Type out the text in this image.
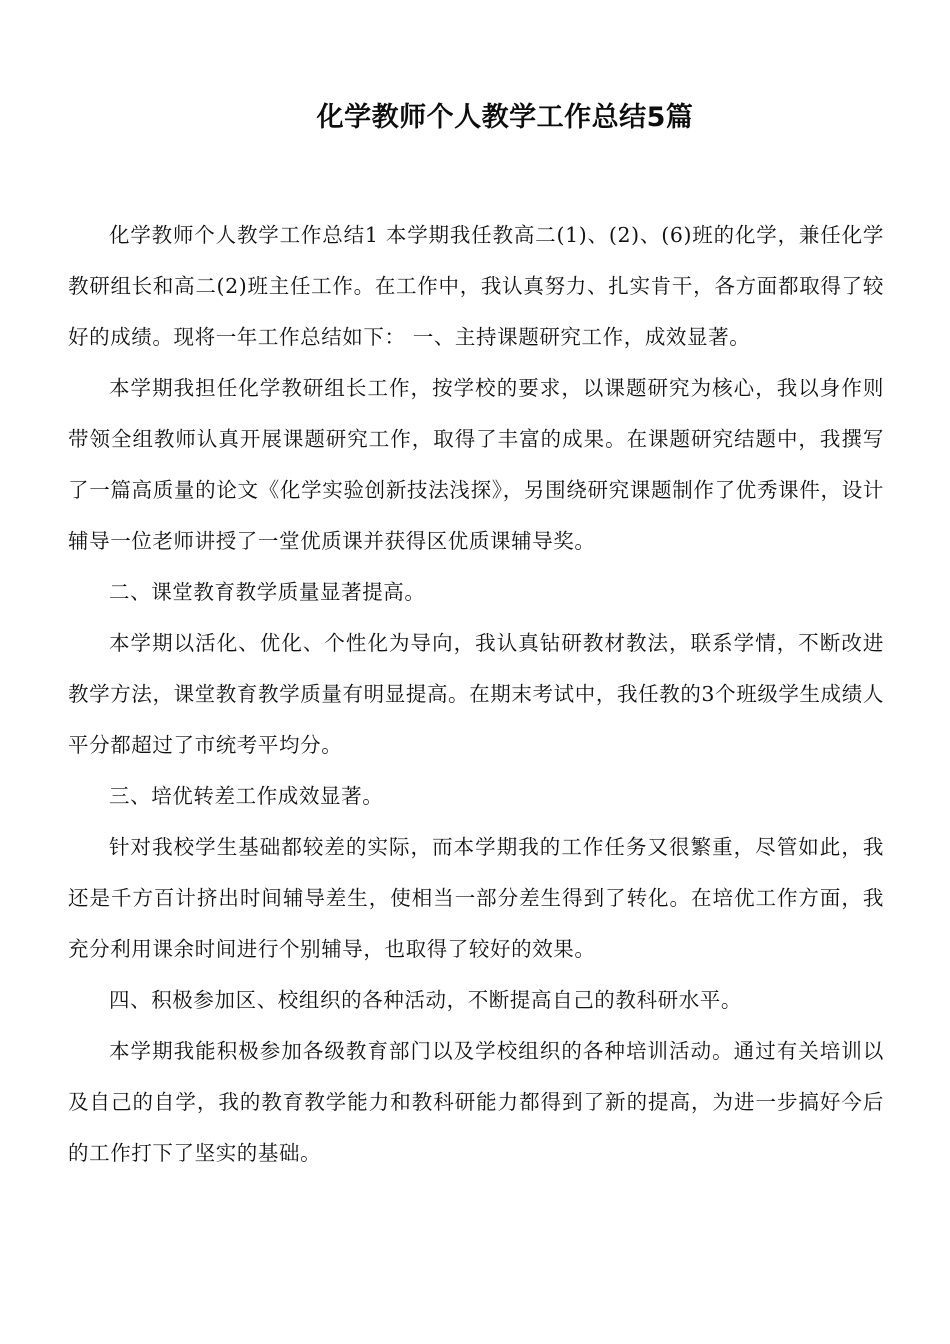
化学教师个人教学工作总结5篇

化学教师个人教学工作总结1 本学期我任教高二(1)、(2)、(6)班的化学，兼任化学教研组长和高二(2)班主任工作。在工作中，我认真努力、扎实肯干，各方面都取得了较好的成绩。现将一年工作总结如下： 一、主持课题研究工作，成效显著。

本学期我担任化学教研组长工作，按学校的要求，以课题研究为核心，我以身作则带领全组教师认真开展课题研究工作，取得了丰富的成果。在课题研究结题中，我撰写了一篇高质量的论文《化学实验创新技法浅探》，另围绕研究课题制作了优秀课件，设计辅导一位老师讲授了一堂优质课并获得区优质课辅导奖。

二、课堂教育教学质量显著提高。

本学期以活化、优化、个性化为导向，我认真钻研教材教法，联系学情，不断改进教学方法，课堂教育教学质量有明显提高。在期末考试中，我任教的3个班级学生成绩人平分都超过了市统考平均分。

三、培优转差工作成效显著。

针对我校学生基础都较差的实际，而本学期我的工作任务又很繁重，尽管如此，我还是千方百计挤出时间辅导差生，使相当一部分差生得到了转化。在培优工作方面，我充分利用课余时间进行个别辅导，也取得了较好的效果。

四、积极参加区、校组织的各种活动，不断提高自己的教科研水平。

本学期我能积极参加各级教育部门以及学校组织的各种培训活动。通过有关培训以及自己的自学，我的教育教学能力和教科研能力都得到了新的提高，为进一步搞好今后的工作打下了坚实的基础。
